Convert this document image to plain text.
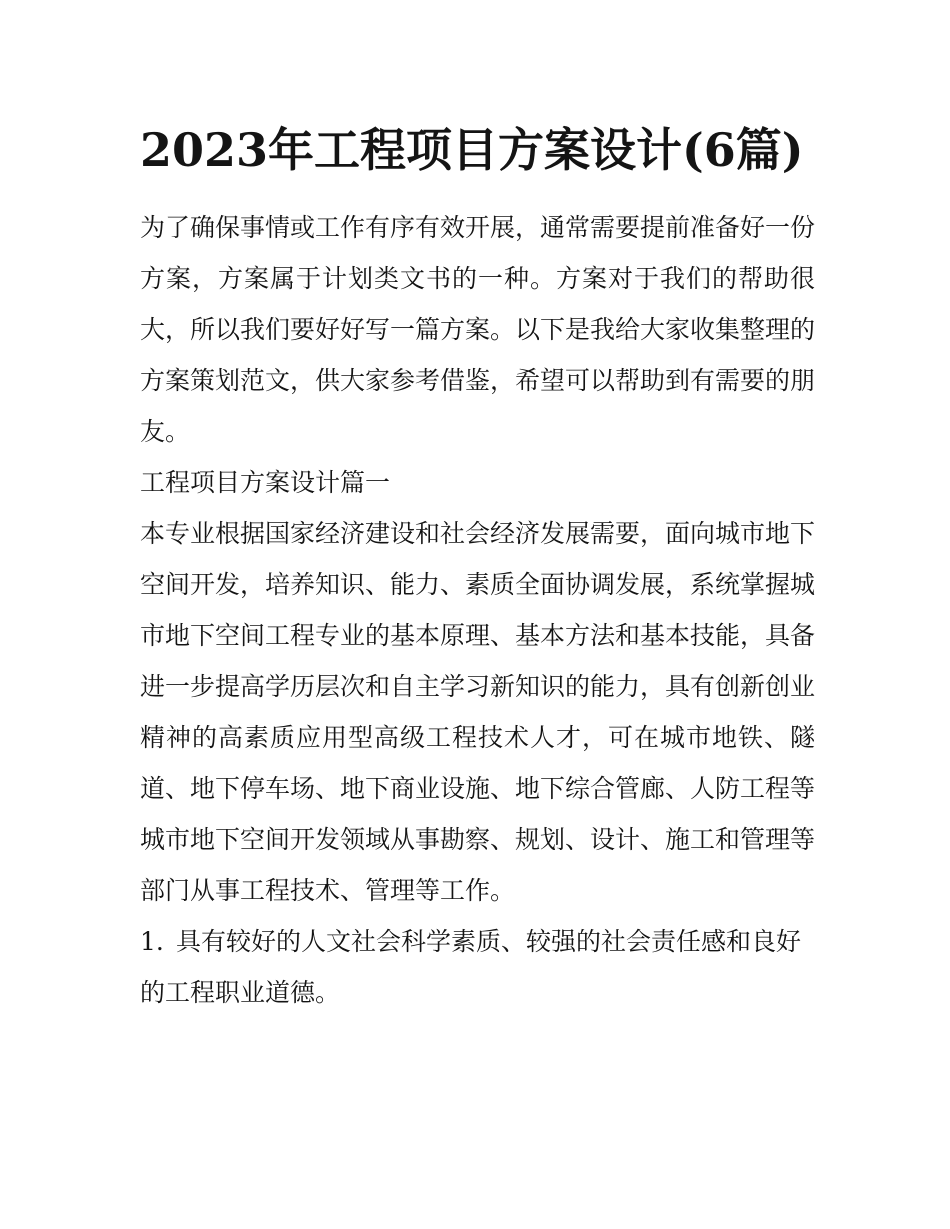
2023年工程项目方案设计(6篇)

为了确保事情或工作有序有效开展，通常需要提前准备好一份方案，方案属于计划类文书的一种。方案对于我们的帮助很大，所以我们要好好写一篇方案。以下是我给大家收集整理的方案策划范文，供大家参考借鉴，希望可以帮助到有需要的朋友。

工程项目方案设计篇一

本专业根据国家经济建设和社会经济发展需要，面向城市地下空间开发，培养知识、能力、素质全面协调发展，系统掌握城市地下空间工程专业的基本原理、基本方法和基本技能，具备进一步提高学历层次和自主学习新知识的能力，具有创新创业精神的高素质应用型高级工程技术人才，可在城市地铁、隧道、地下停车场、地下商业设施、地下综合管廊、人防工程等城市地下空间开发领域从事勘察、规划、设计、施工和管理等部门从事工程技术、管理等工作。

1. 具有较好的人文社会科学素质、较强的社会责任感和良好的工程职业道德。
